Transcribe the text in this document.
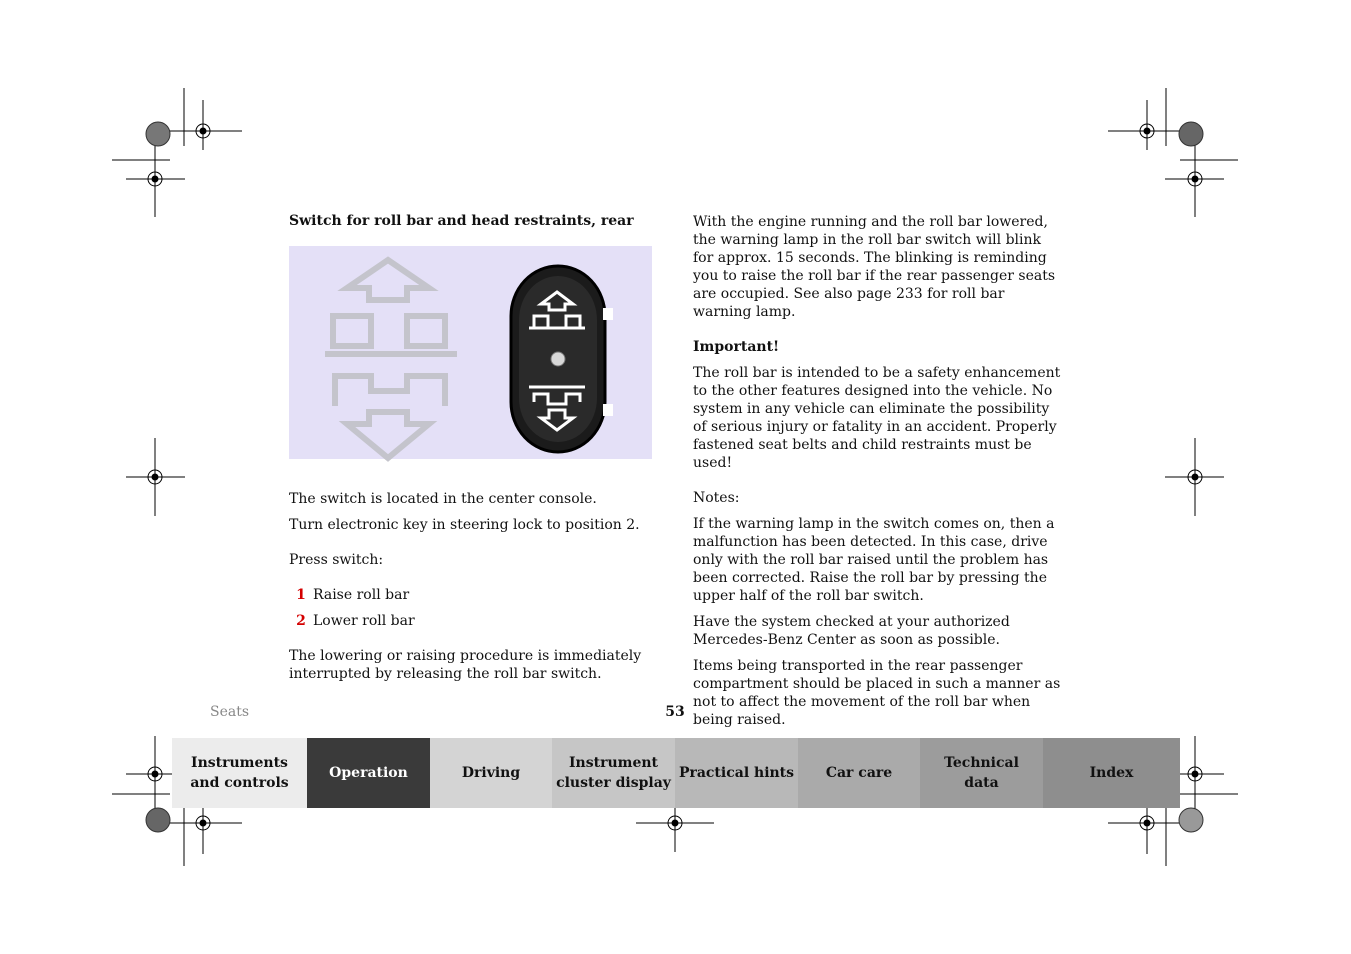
Switch for roll bar and head restraints, rear

The switch is located in the center console.

Turn electronic key in steering lock to position 2.

Press switch:

1 Raise roll bar
2 Lower roll bar

The lowering or raising procedure is immediately interrupted by releasing the roll bar switch.

With the engine running and the roll bar lowered, the warning lamp in the roll bar switch will blink for approx. 15 seconds. The blinking is reminding you to raise the roll bar if the rear passenger seats are occupied. See also page 233 for roll bar warning lamp.

Important!

The roll bar is intended to be a safety enhancement to the other features designed into the vehicle. No system in any vehicle can eliminate the possibility of serious injury or fatality in an accident. Properly fastened seat belts and child restraints must be used!

Notes:

If the warning lamp in the switch comes on, then a malfunction has been detected. In this case, drive only with the roll bar raised until the problem has been corrected. Raise the roll bar by pressing the upper half of the roll bar switch.

Have the system checked at your authorized Mercedes-Benz Center as soon as possible.

Items being transported in the rear passenger compartment should be placed in such a manner as not to affect the movement of the roll bar when being raised.

Seats	53
Instruments
and controls
Operation	Driving
Instrument
cluster display
Practical hints Car care
Technical
data
Index
